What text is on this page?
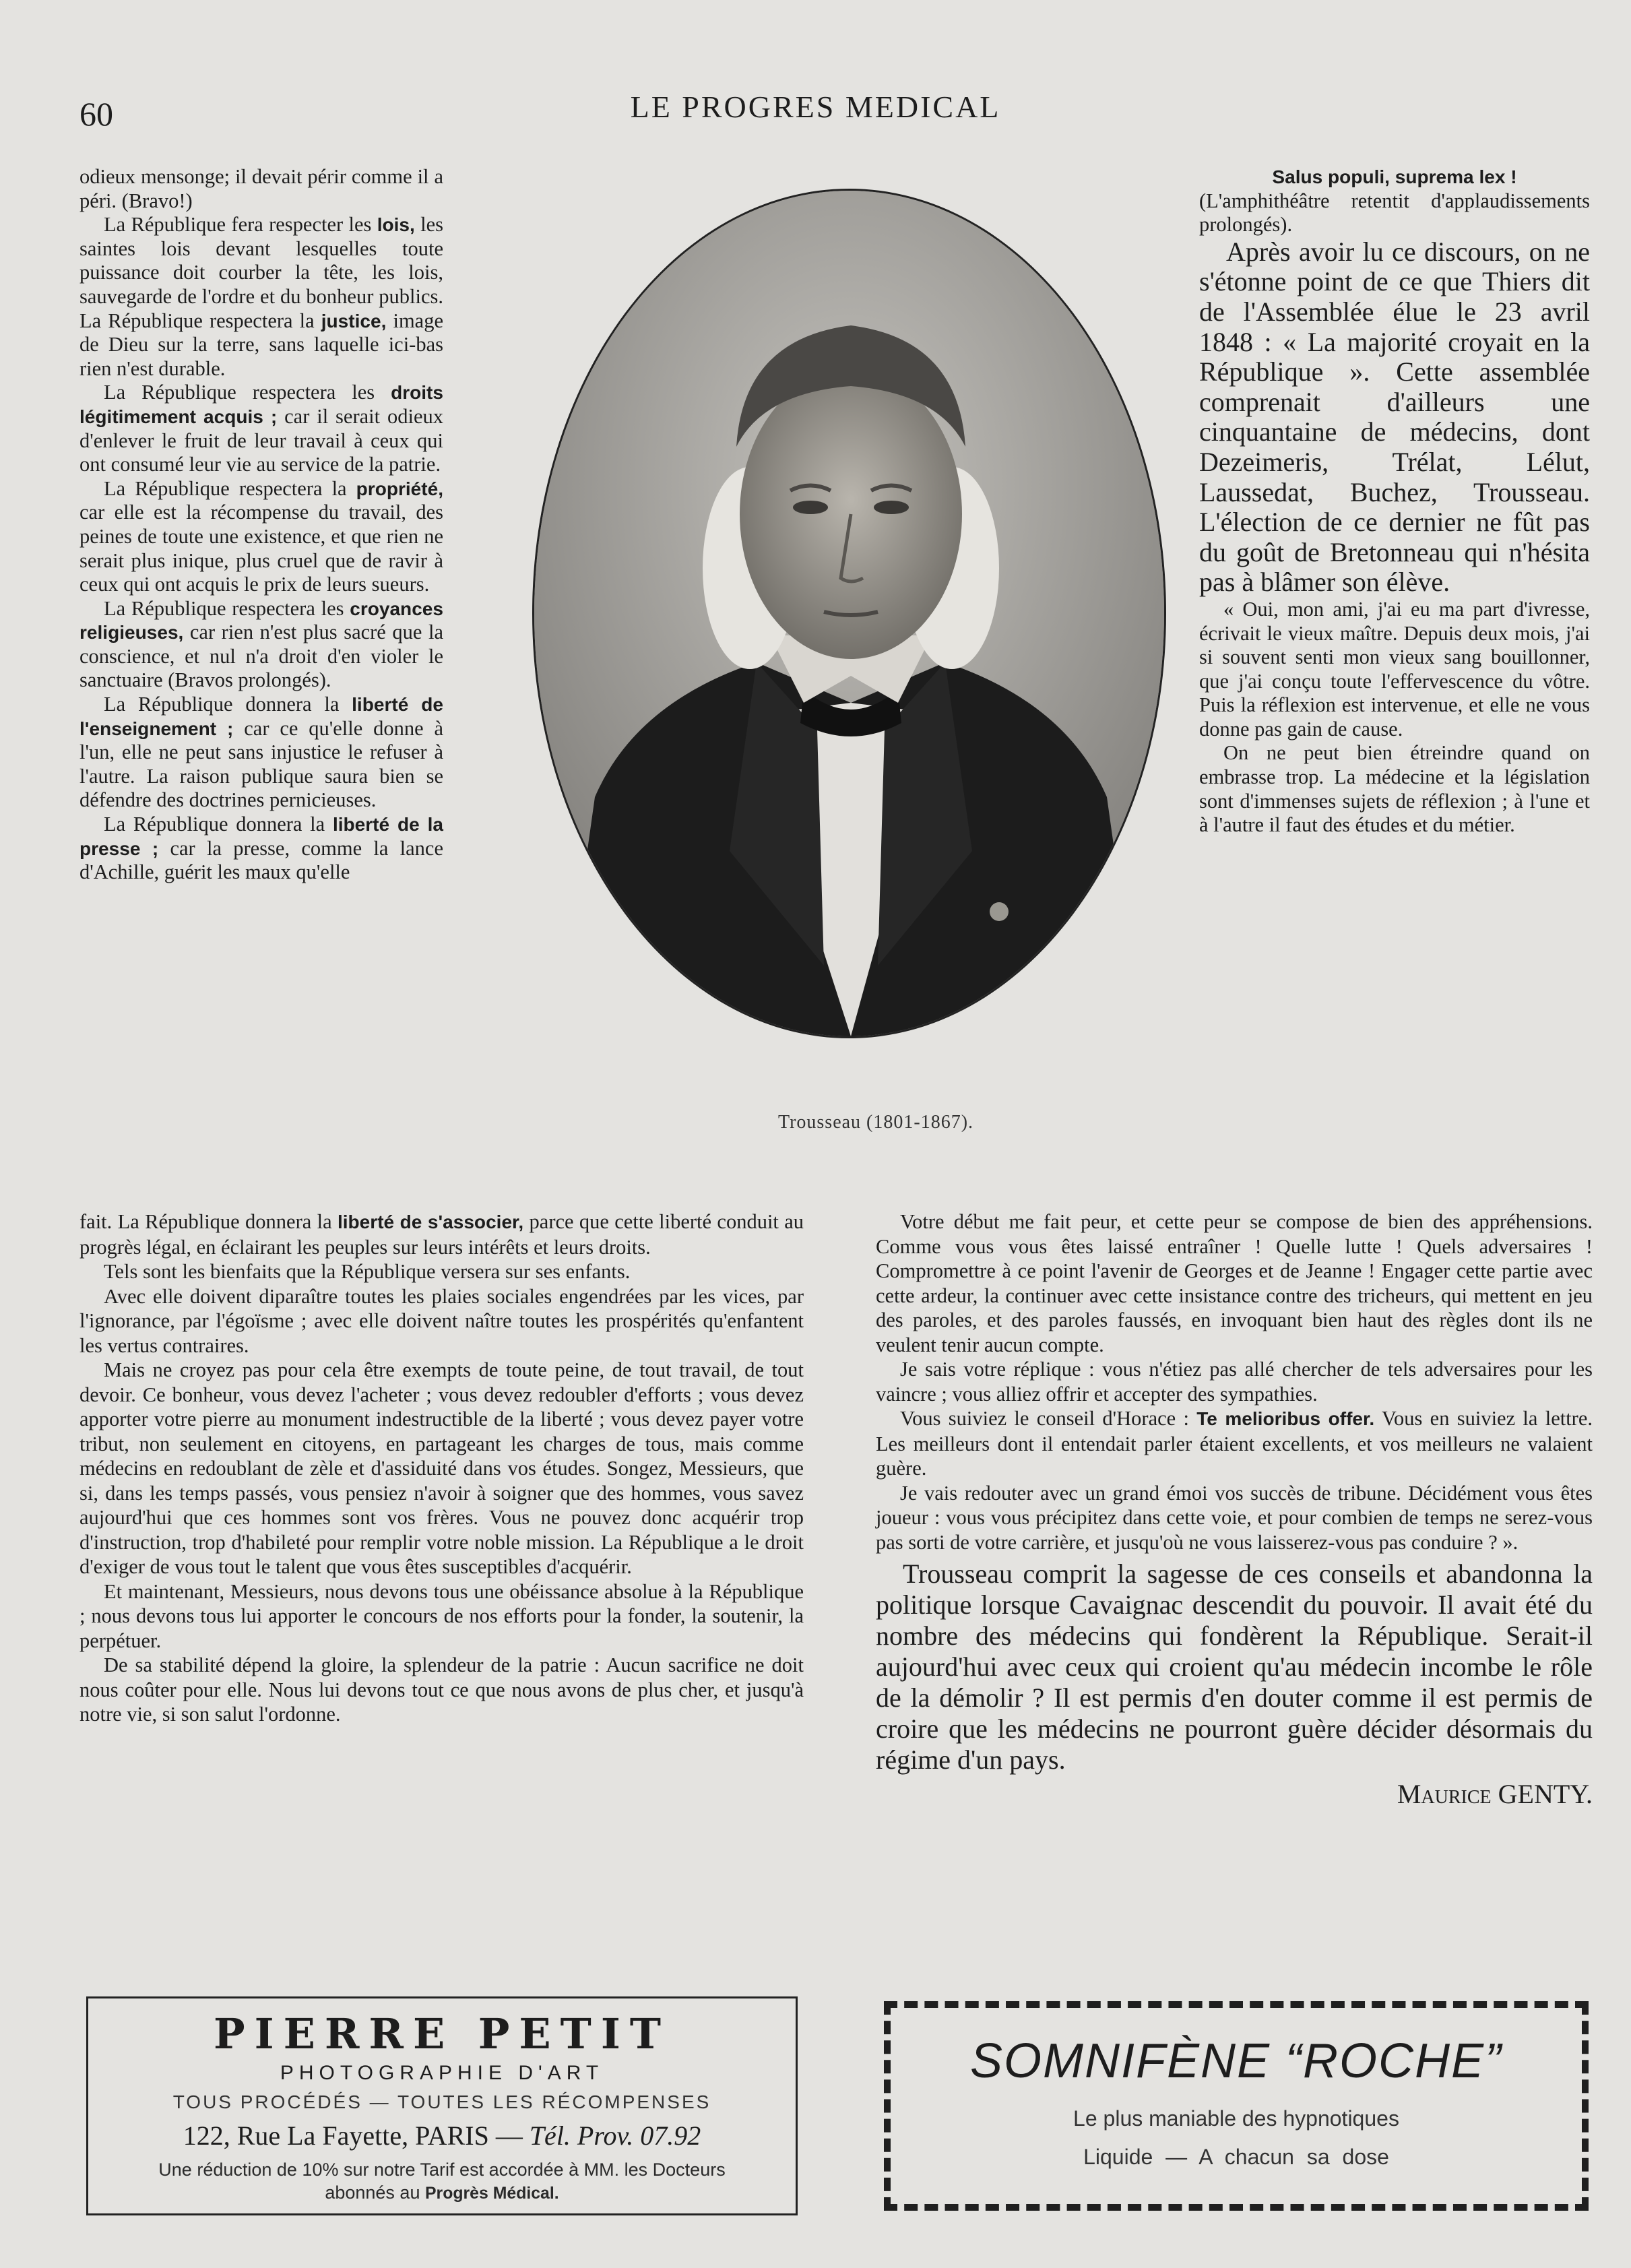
60	LE PROGRES MEDICAL

odieux mensonge; il devait périr comme il a péri. (Bravo!)

La République fera respecter les lois, les saintes lois devant lesquelles toute puissance doit courber la tête, les lois, sauvegarde de l'ordre et du bonheur publics. La République respectera la justice, image de Dieu sur la terre, sans laquelle ici-bas rien n'est durable.

La République respectera les droits légitimement acquis ; car il serait odieux d'enlever le fruit de leur travail à ceux qui ont consumé leur vie au service de la patrie.

La République respectera la propriété, car elle est la récompense du travail, des peines de toute une existence, et que rien ne serait plus inique, plus cruel que de ravir à ceux qui ont acquis le prix de leurs sueurs.

La République respectera les croyances religieuses, car rien n'est plus sacré que la conscience, et nul n'a droit d'en violer le sanctuaire (Bravos prolongés).

La République donnera la liberté de l'enseignement ; car ce qu'elle donne à l'un, elle ne peut sans injustice le refuser à l'autre. La raison publique saura bien se défendre des doctrines pernicieuses.

La République donnera la liberté de la presse ; car la presse, comme la lance d'Achille, guérit les maux qu'elle

Trousseau (1801-1867).

Salus populi, suprema lex !

(L'amphithéâtre retentit d'applaudissements prolongés).

Après avoir lu ce discours, on ne s'étonne point de ce que Thiers dit de l'Assemblée élue le 23 avril 1848 : « La majorité croyait en la République ». Cette assemblée comprenait d'ailleurs une cinquantaine de médecins, dont Dezeimeris, Trélat, Lélut, Laussedat, Buchez, Trousseau. L'élection de ce dernier ne fût pas du goût de Bretonneau qui n'hésita pas à blâmer son élève.

« Oui, mon ami, j'ai eu ma part d'ivresse, écrivait le vieux maître. Depuis deux mois, j'ai si souvent senti mon vieux sang bouillonner, que j'ai conçu toute l'effervescence du vôtre. Puis la réflexion est intervenue, et elle ne vous donne pas gain de cause.

On ne peut bien étreindre quand on embrasse trop. La médecine et la législation sont d'immenses sujets de réflexion ; à l'une et à l'autre il faut des études et du métier.

fait. La République donnera la liberté de s'associer, parce que cette liberté conduit au progrès légal, en éclairant les peuples sur leurs intérêts et leurs droits.

Tels sont les bienfaits que la République versera sur ses enfants.

Avec elle doivent diparaître toutes les plaies sociales engendrées par les vices, par l'ignorance, par l'égoïsme ; avec elle doivent naître toutes les prospérités qu'enfantent les vertus contraires.

Mais ne croyez pas pour cela être exempts de toute peine, de tout travail, de tout devoir. Ce bonheur, vous devez l'acheter ; vous devez redoubler d'efforts ; vous devez apporter votre pierre au monument indestructible de la liberté ; vous devez payer votre tribut, non seulement en citoyens, en partageant les charges de tous, mais comme médecins en redoublant de zèle et d'assiduité dans vos études. Songez, Messieurs, que si, dans les temps passés, vous pensiez n'avoir à soigner que des hommes, vous savez aujourd'hui que ces hommes sont vos frères. Vous ne pouvez donc acquérir trop d'instruction, trop d'habileté pour remplir votre noble mission. La République a le droit d'exiger de vous tout le talent que vous êtes susceptibles d'acquérir.

Et maintenant, Messieurs, nous devons tous une obéissance absolue à la République ; nous devons tous lui apporter le concours de nos efforts pour la fonder, la soutenir, la perpétuer.

De sa stabilité dépend la gloire, la splendeur de la patrie : Aucun sacrifice ne doit nous coûter pour elle. Nous lui devons tout ce que nous avons de plus cher, et jusqu'à notre vie, si son salut l'ordonne.

Votre début me fait peur, et cette peur se compose de bien des appréhensions. Comme vous vous êtes laissé entraîner ! Quelle lutte ! Quels adversaires ! Compromettre à ce point l'avenir de Georges et de Jeanne ! Engager cette partie avec cette ardeur, la continuer avec cette insistance contre des tricheurs, qui mettent en jeu des paroles, et des paroles faussés, en invoquant bien haut des règles dont ils ne veulent tenir aucun compte.

Je sais votre réplique : vous n'étiez pas allé chercher de tels adversaires pour les vaincre ; vous alliez offrir et accepter des sympathies.

Vous suiviez le conseil d'Horace : Te melioribus offer. Vous en suiviez la lettre. Les meilleurs dont il entendait parler étaient excellents, et vos meilleurs ne valaient guère.

Je vais redouter avec un grand émoi vos succès de tribune. Décidément vous êtes joueur : vous vous précipitez dans cette voie, et pour combien de temps ne serez-vous pas sorti de votre carrière, et jusqu'où ne vous laisserez-vous pas conduire ? ».

Trousseau comprit la sagesse de ces conseils et abandonna la politique lorsque Cavaignac descendit du pouvoir. Il avait été du nombre des médecins qui fondèrent la République. Serait-il aujourd'hui avec ceux qui croient qu'au médecin incombe le rôle de la démolir ? Il est permis d'en douter comme il est permis de croire que les médecins ne pourront guère décider désormais du régime d'un pays.

Maurice GENTY.
PIERRE PETIT
PHOTOGRAPHIE D'ART
TOUS PROCÉDÉS — TOUTES LES RÉCOMPENSES
122, Rue La Fayette, PARIS — Tél. Prov. 07.92
Une réduction de 10% sur notre Tarif est accordée à MM. les Docteurs
abonnés au Progrès Médical.
SOMNIFÈNE “ROCHE”
Le plus maniable des hypnotiques
Liquide — A chacun sa dose
